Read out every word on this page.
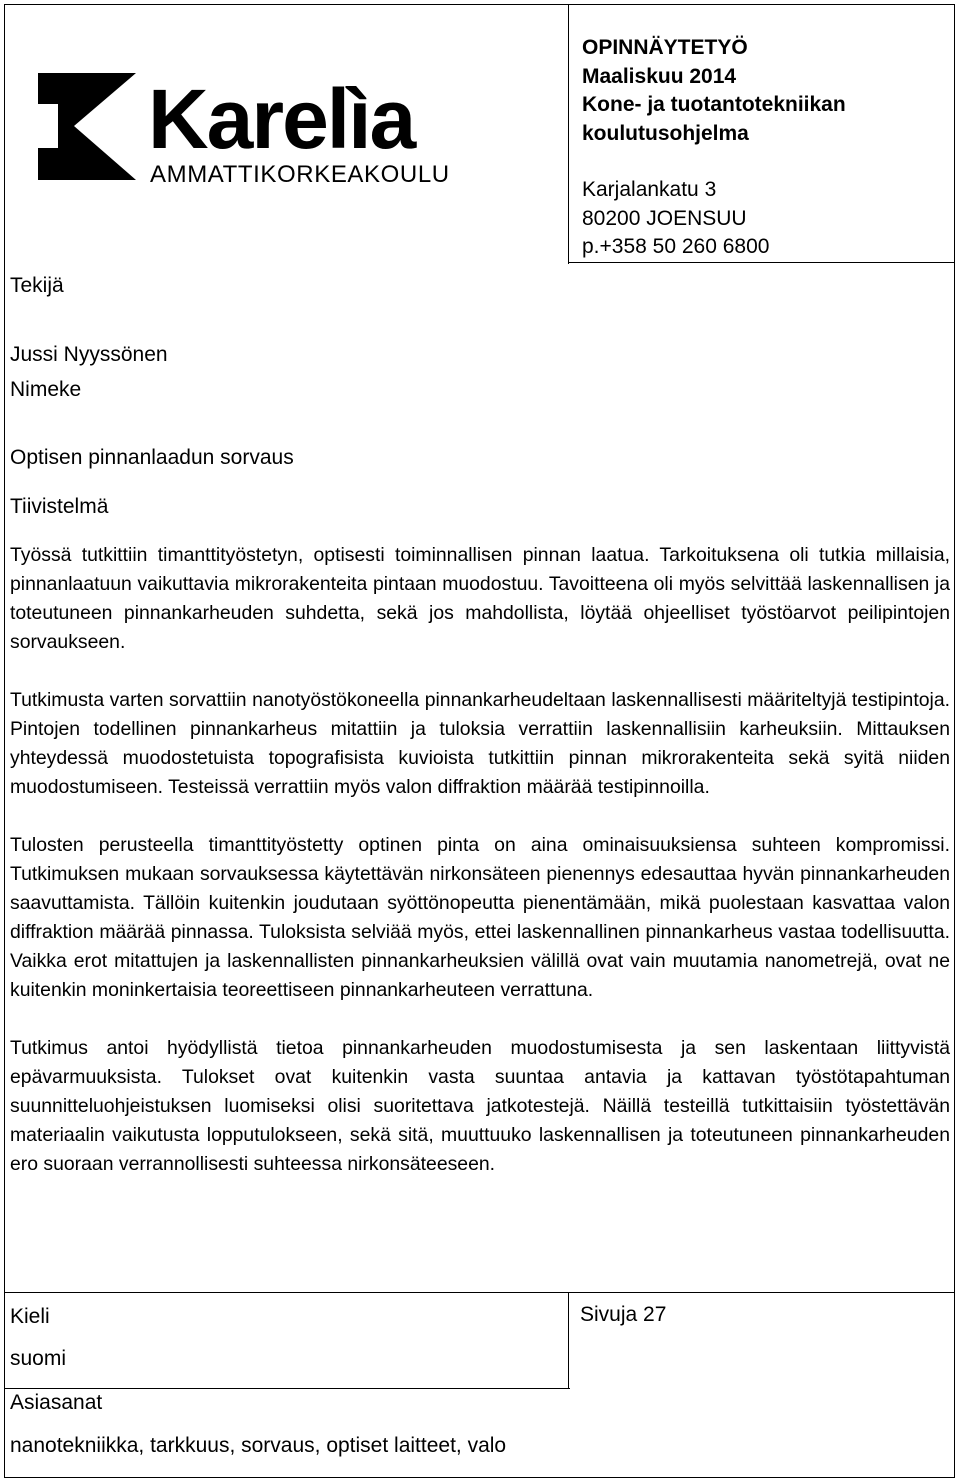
Karelìa
AMMATTIKORKEAKOULU
OPINNÄYTETYÖ
Maaliskuu 2014
Kone- ja tuotantotekniikan
koulutusohjelma
Karjalankatu 3
80200 JOENSUU
p.+358 50 260 6800
Tekijä
Jussi Nyyssönen
Nimeke
Optisen pinnanlaadun sorvaus
Tiivistelmä

Työssä tutkittiin timanttityöstetyn, optisesti toiminnallisen pinnan laatua. Tarkoituksena oli tutkia millaisia, pinnanlaatuun vaikuttavia mikrorakenteita pintaan muodostuu. Tavoitteena oli myös selvittää laskennallisen ja toteutuneen pinnankarheuden suhdetta, sekä jos mahdollista, löytää ohjeelliset työstöarvot peilipintojen sorvaukseen.

Tutkimusta varten sorvattiin nanotyöstökoneella pinnankarheudeltaan laskennallisesti määriteltyjä testipintoja. Pintojen todellinen pinnankarheus mitattiin ja tuloksia verrattiin laskennallisiin karheuksiin. Mittauksen yhteydessä muodostetuista topografisista kuvioista tutkittiin pinnan mikrorakenteita sekä syitä niiden muodostumiseen. Testeissä verrattiin myös valon diffraktion määrää testipinnoilla.

Tulosten perusteella timanttityöstetty optinen pinta on aina ominaisuuksiensa suhteen kompromissi. Tutkimuksen mukaan sorvauksessa käytettävän nirkonsäteen pienennys edesauttaa hyvän pinnankarheuden saavuttamista. Tällöin kuitenkin joudutaan syöttönopeutta pienentämään, mikä puolestaan kasvattaa valon diffraktion määrää pinnassa. Tuloksista selviää myös, ettei laskennallinen pinnankarheus vastaa todellisuutta. Vaikka erot mitattujen ja laskennallisten pinnankarheuksien välillä ovat vain muutamia nanometrejä, ovat ne kuitenkin moninkertaisia teoreettiseen pinnankarheuteen verrattuna.

Tutkimus antoi hyödyllistä tietoa pinnankarheuden muodostumisesta ja sen laskentaan liittyvistä epävarmuuksista. Tulokset ovat kuitenkin vasta suuntaa antavia ja kattavan työstötapahtuman suunnitteluohjeistuksen luomiseksi olisi suoritettava jatkotestejä. Näillä testeillä tutkittaisiin työstettävän materiaalin vaikutusta lopputulokseen, sekä sitä, muuttuuko laskennallisen ja toteutuneen pinnankarheuden ero suoraan verrannollisesti suhteessa nirkonsäteeseen.

Kieli
suomi
Sivuja 27
Asiasanat
nanotekniikka, tarkkuus, sorvaus, optiset laitteet, valo
